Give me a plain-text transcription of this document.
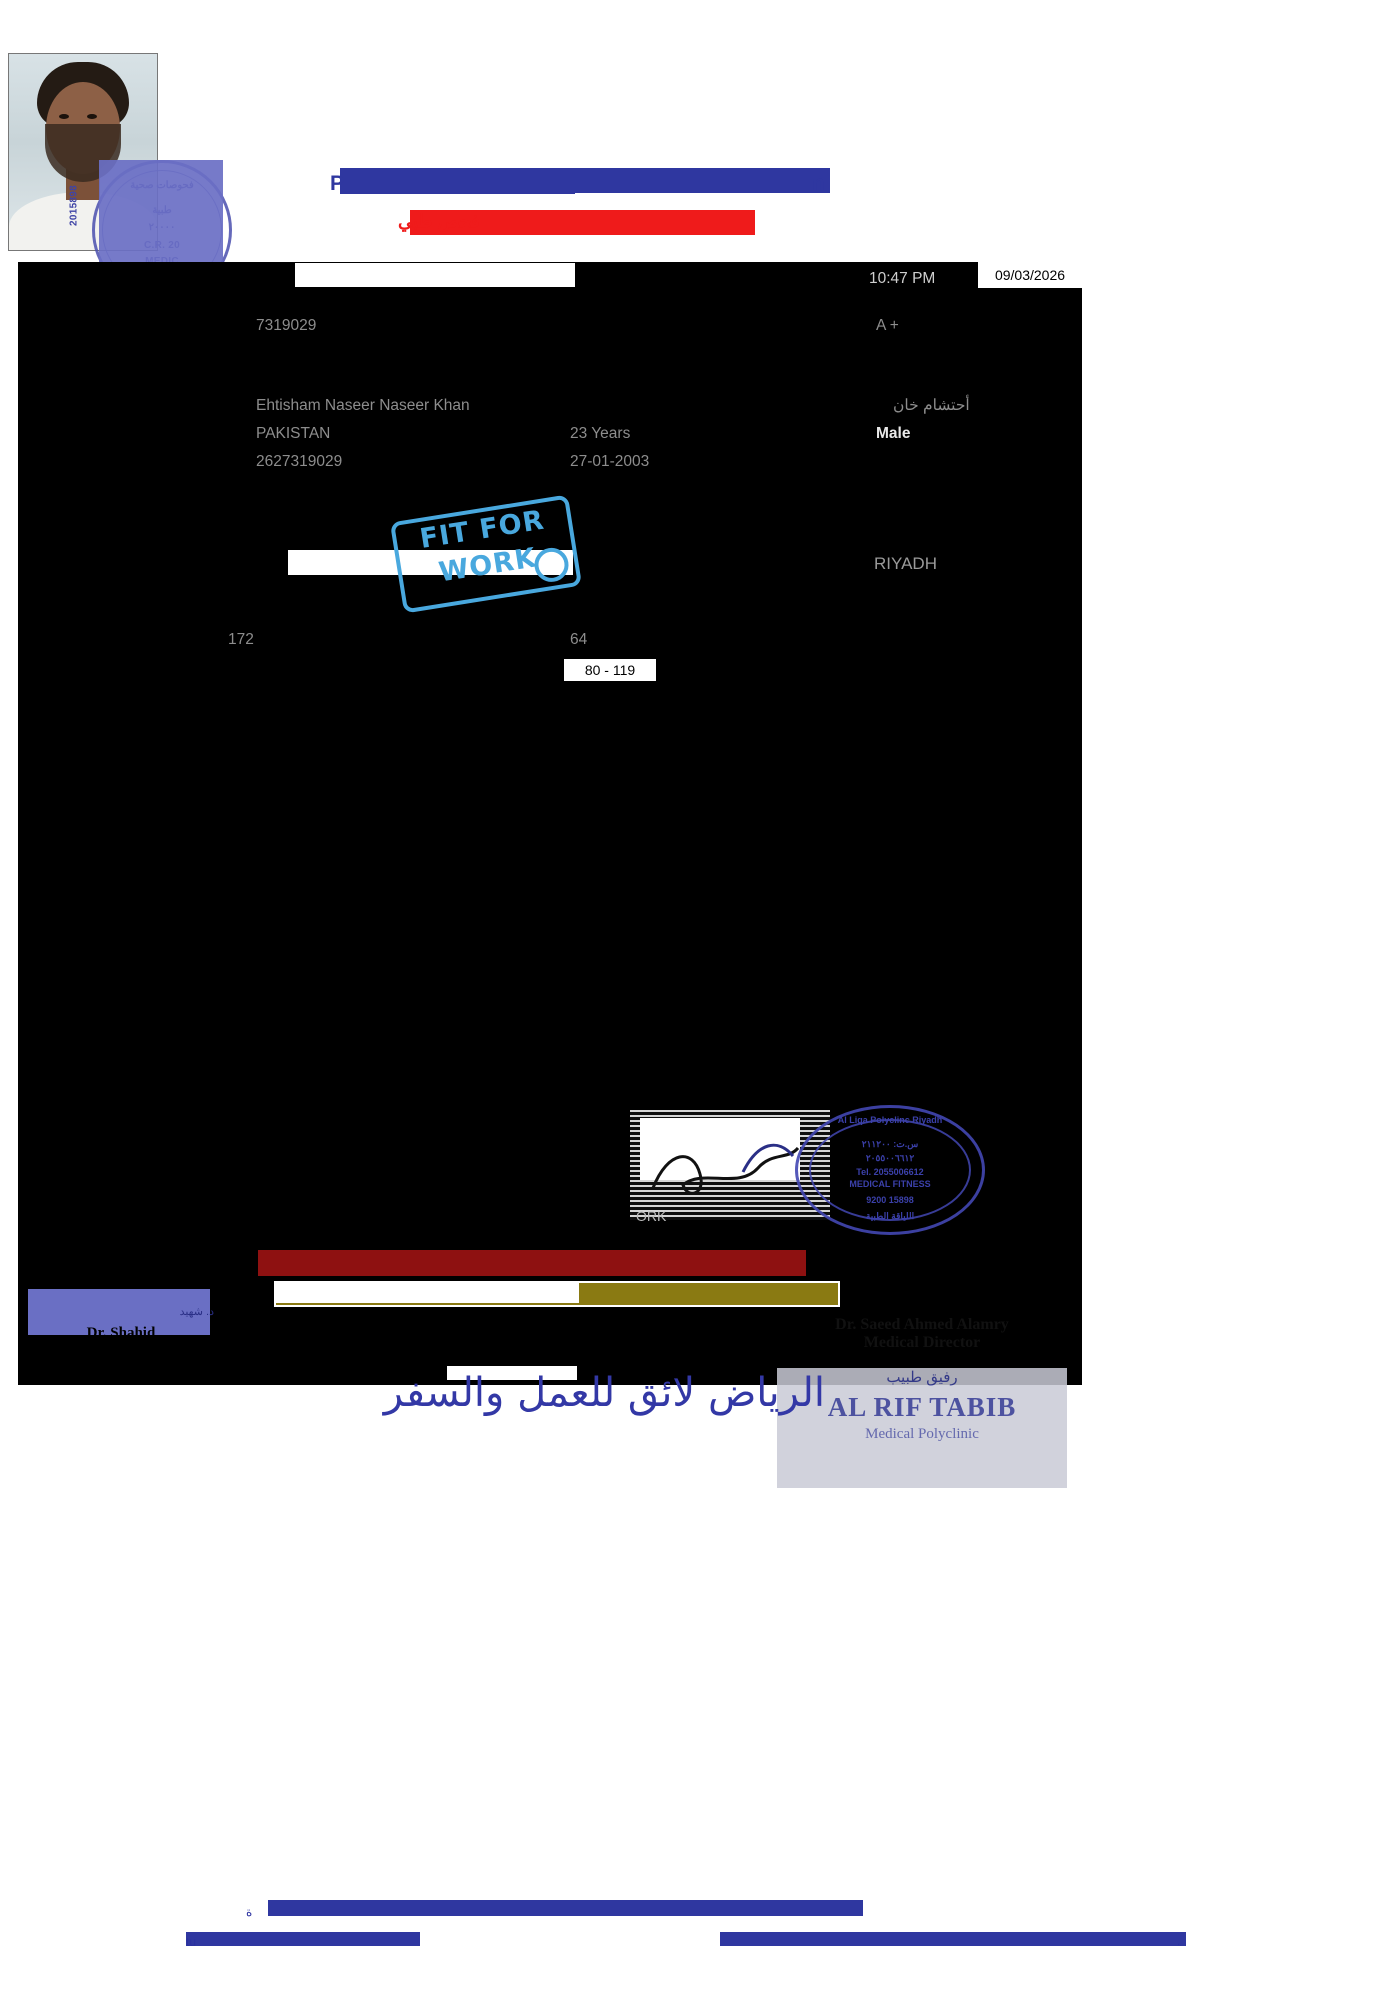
2015898
P	n
فحص طبي
10:47 PM	09/03/2026
7319029	A +
Ehtisham Naseer Naseer Khan	أحتشام خان
PAKISTAN	23 Years	Male
2627319029	27-01-2003
RIYADH
FIT FOR
WORK
172	64
80 - 119
ORK
Al Liqa Polyclinc Riyadh
س.ت: ٢١١٢٠٠
٢٠٥٥٠٠٦٦١٢
Tel. 2055006612
MEDICAL FITNESS
9200 15898
اللياقة الطبية
د. شهيد
Dr. Shahid	Dr. Saeed Ahmed Alamry
Medical Director
رفيق طبيب
AL RIF TABIB
Medical Polyclinic
الرياض لائق للعمل والسفر
ة
tu	.
